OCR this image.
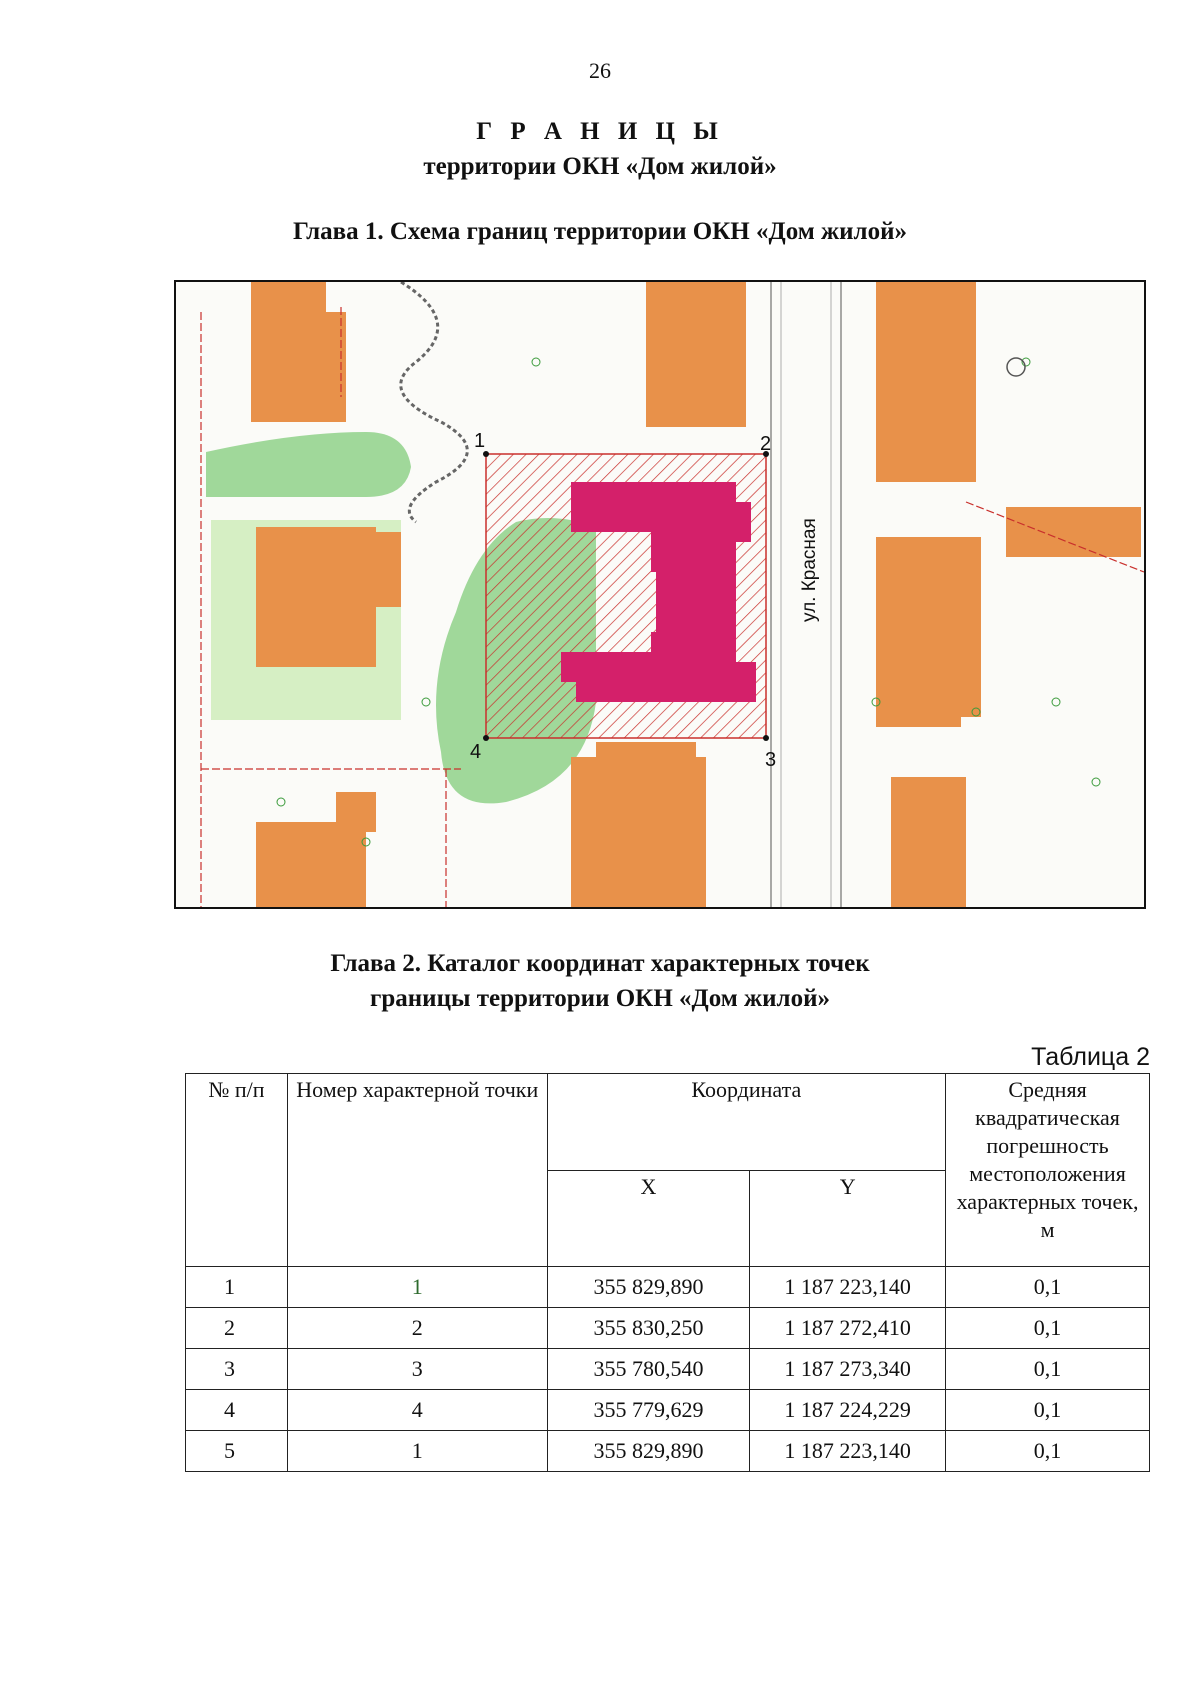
26
Г Р А Н И Ц Ы
территории ОКН «Дом жилой»
Глава 1. Схема границ территории ОКН «Дом жилой»
1	2
3
4
ул. Красная
Глава 2. Каталог координат характерных точек
границы территории ОКН «Дом жилой»
Таблица 2
№ п/п	Номер характерной точки	Координата		Средняя квадратическая погрешность местоположения характерных точек, м
		X	Y	
1	1	355 829,890	1 187 223,140	0,1
2	2	355 830,250	1 187 272,410	0,1
3	3	355 780,540	1 187 273,340	0,1
4	4	355 779,629	1 187 224,229	0,1
5	1	355 829,890	1 187 223,140	0,1
